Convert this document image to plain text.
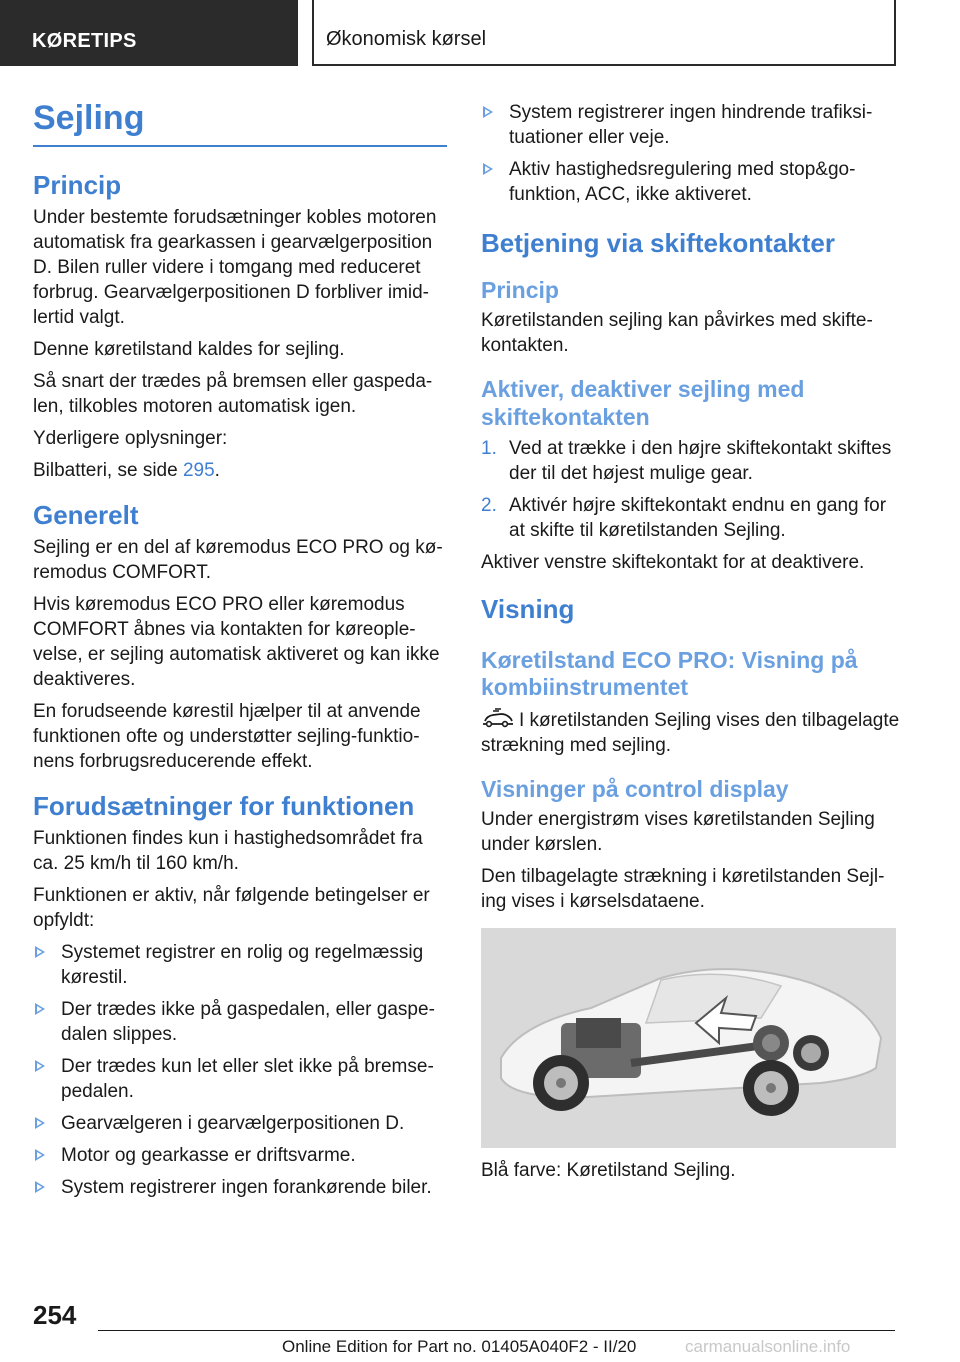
KØRETIPS	Økonomisk kørsel
Sejling
Princip

Under bestemte forudsætninger kobles motoren automatisk fra gearkassen i gearvælgerposition D. Bilen ruller videre i tomgang med reduceret forbrug. Gearvælgerpositionen D forbliver imidlertid valgt.

Denne køretilstand kaldes for sejling.

Så snart der trædes på bremsen eller gaspedalen, tilkobles motoren automatisk igen.

Yderligere oplysninger:

Bilbatteri, se side 295.

Generelt

Sejling er en del af køremodus ECO PRO og køremodus COMFORT.

Hvis køremodus ECO PRO eller køremodus COMFORT åbnes via kontakten for køreoplevelse, er sejling automatisk aktiveret og kan ikke deaktiveres.

En forudseende kørestil hjælper til at anvende funktionen ofte og understøtter sejling-funktionens forbrugsreducerende effekt.

Forudsætninger for funktionen

Funktionen findes kun i hastighedsområdet fra ca. 25 km/h til 160 km/h.

Funktionen er aktiv, når følgende betingelser er opfyldt:

Systemet registrer en rolig og regelmæssig kørestil.
Der trædes ikke på gaspedalen, eller gaspedalen slippes.
Der trædes kun let eller slet ikke på bremsepedalen.
Gearvælgeren i gearvælgerpositionen D.
Motor og gearkasse er driftsvarme.
System registrerer ingen forankørende biler.
System registrerer ingen hindrende trafiksituationer eller veje.
Aktiv hastighedsregulering med stop&go-funktion, ACC, ikke aktiveret.
Betjening via skiftekontakter
Princip

Køretilstanden sejling kan påvirkes med skiftekontakten.

Aktiver, deaktiver sejling med skiftekontakten
1. Ved at trække i den højre skiftekontakt skiftes der til det højest mulige gear.
2. Aktivér højre skiftekontakt endnu en gang for at skifte til køretilstanden Sejling.

Aktiver venstre skiftekontakt for at deaktivere.

Visning
Køretilstand ECO PRO: Visning på kombiinstrumentet

I køretilstanden Sejling vises den tilbagelagte strækning med sejling.

Visninger på control display

Under energistrøm vises køretilstanden Sejling under kørslen.

Den tilbagelagte strækning i køretilstanden Sejling vises i kørselsdataene.

Blå farve: Køretilstand Sejling.

254
Online Edition for Part no. 01405A040F2 - II/20	carmanualsonline.info
